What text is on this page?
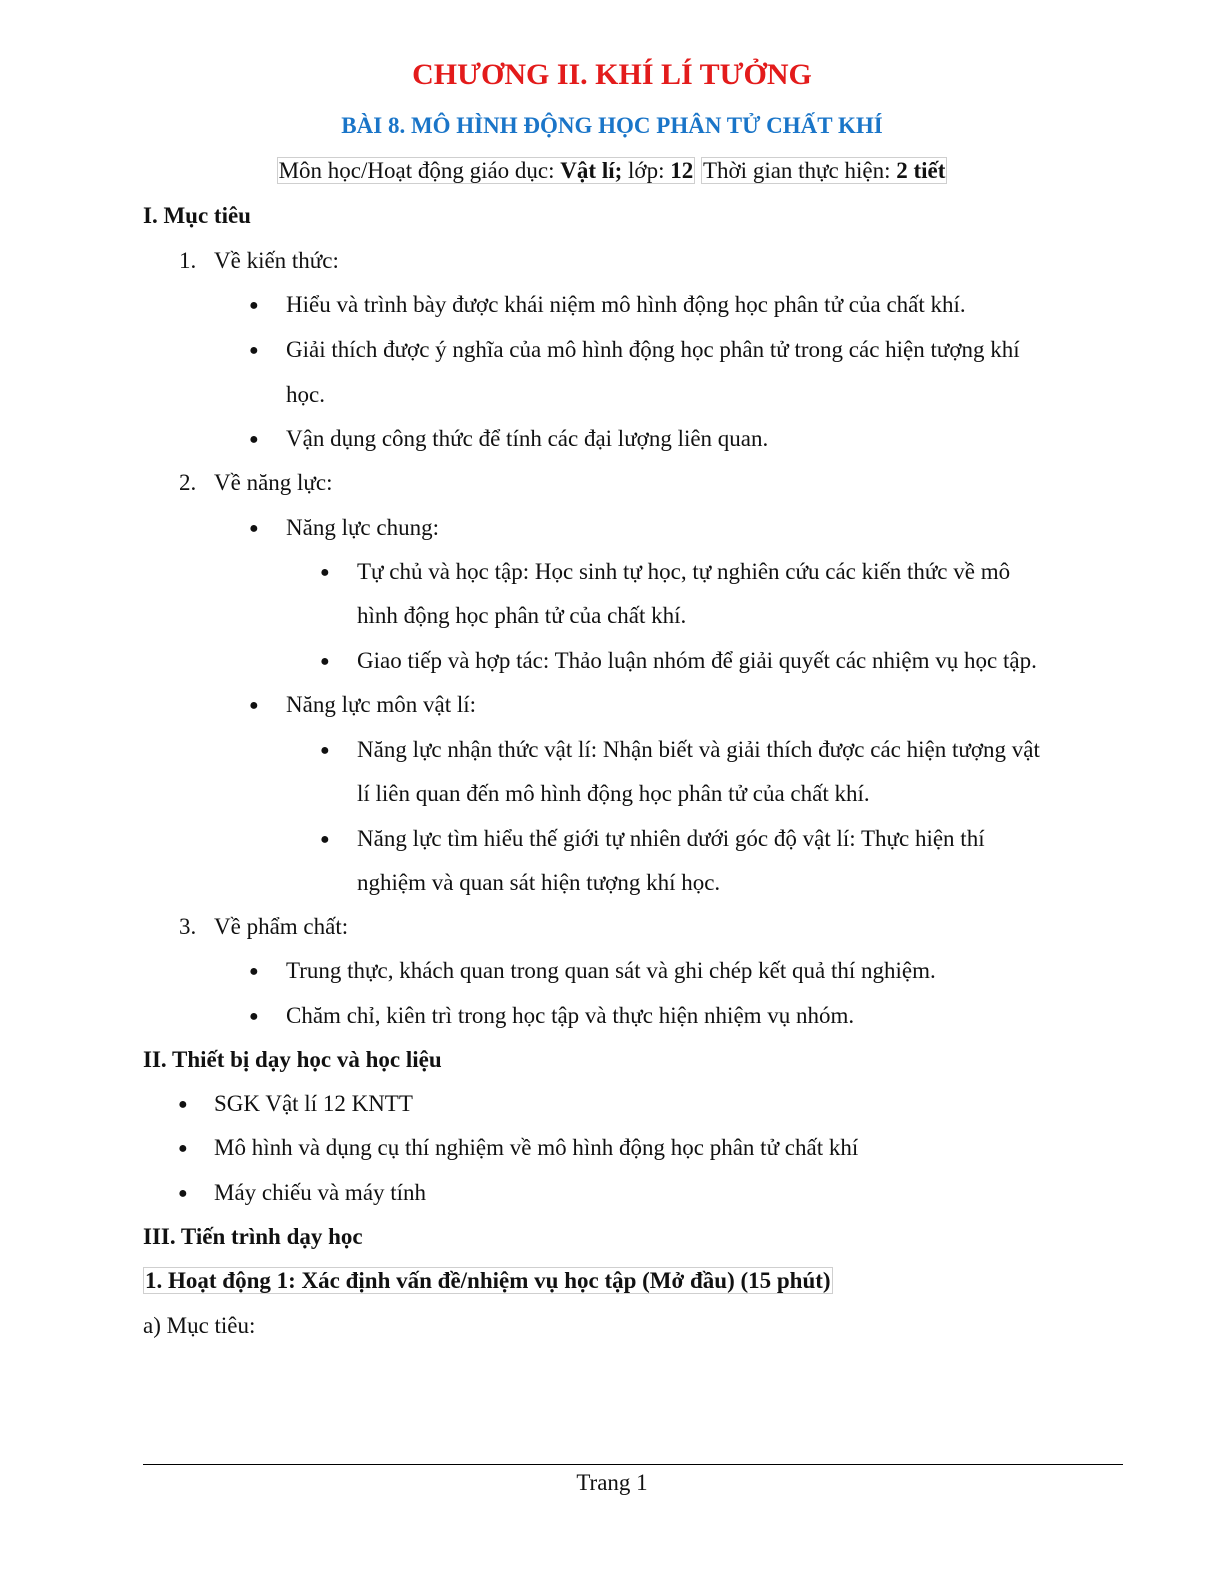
CHƯƠNG II. KHÍ LÍ TƯỞNG
BÀI 8. MÔ HÌNH ĐỘNG HỌC PHÂN TỬ CHẤT KHÍ
Môn học/Hoạt động giáo dục: Vật lí; lớp: 12 Thời gian thực hiện: 2 tiết
I. Mục tiêu
1. Về kiến thức:
● Hiểu và trình bày được khái niệm mô hình động học phân tử của chất khí.
● Giải thích được ý nghĩa của mô hình động học phân tử trong các hiện tượng khí
học.
● Vận dụng công thức để tính các đại lượng liên quan.
2. Về năng lực:
● Năng lực chung:
● Tự chủ và học tập: Học sinh tự học, tự nghiên cứu các kiến thức về mô
hình động học phân tử của chất khí.
● Giao tiếp và hợp tác: Thảo luận nhóm để giải quyết các nhiệm vụ học tập.
● Năng lực môn vật lí:
● Năng lực nhận thức vật lí: Nhận biết và giải thích được các hiện tượng vật
lí liên quan đến mô hình động học phân tử của chất khí.
● Năng lực tìm hiểu thế giới tự nhiên dưới góc độ vật lí: Thực hiện thí
nghiệm và quan sát hiện tượng khí học.
3. Về phẩm chất:
● Trung thực, khách quan trong quan sát và ghi chép kết quả thí nghiệm.
● Chăm chỉ, kiên trì trong học tập và thực hiện nhiệm vụ nhóm.
II. Thiết bị dạy học và học liệu
● SGK Vật lí 12 KNTT
● Mô hình và dụng cụ thí nghiệm về mô hình động học phân tử chất khí
● Máy chiếu và máy tính
III. Tiến trình dạy học
1. Hoạt động 1: Xác định vấn đề/nhiệm vụ học tập (Mở đầu) (15 phút)
a) Mục tiêu:
Trang 1
